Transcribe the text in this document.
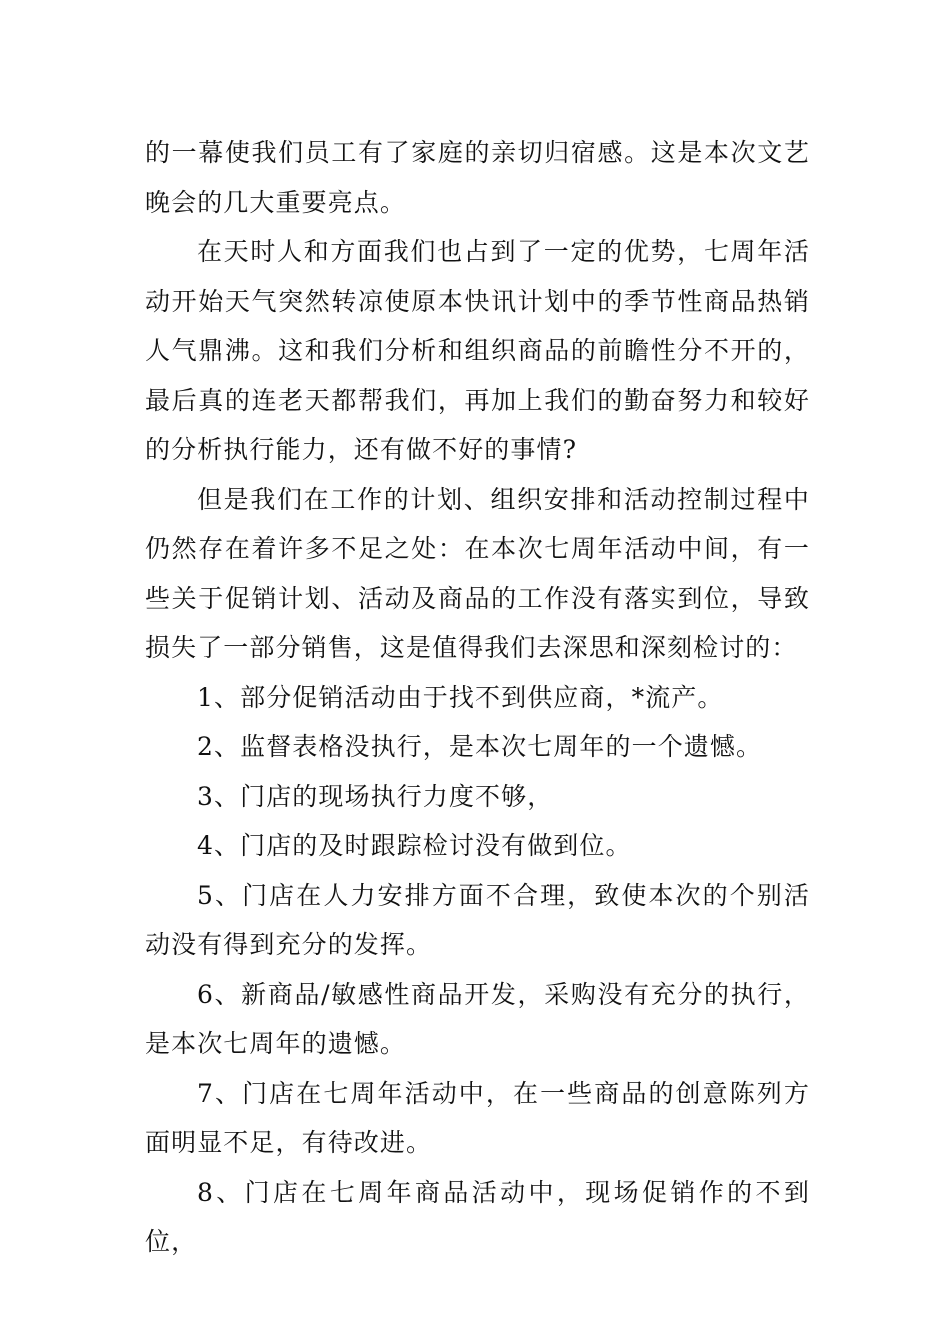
的一幕使我们员工有了家庭的亲切归宿感。这是本次文艺晚会的几大重要亮点。

在天时人和方面我们也占到了一定的优势，七周年活动开始天气突然转凉使原本快讯计划中的季节性商品热销人气鼎沸。这和我们分析和组织商品的前瞻性分不开的，最后真的连老天都帮我们，再加上我们的勤奋努力和较好的分析执行能力，还有做不好的事情?

但是我们在工作的计划、组织安排和活动控制过程中仍然存在着许多不足之处：在本次七周年活动中间，有一些关于促销计划、活动及商品的工作没有落实到位，导致损失了一部分销售，这是值得我们去深思和深刻检讨的：

1、部分促销活动由于找不到供应商，*流产。

2、监督表格没执行，是本次七周年的一个遗憾。

3、门店的现场执行力度不够，

4、门店的及时跟踪检讨没有做到位。

5、门店在人力安排方面不合理，致使本次的个别活动没有得到充分的发挥。

6、新商品/敏感性商品开发，采购没有充分的执行，是本次七周年的遗憾。

7、门店在七周年活动中，在一些商品的创意陈列方面明显不足，有待改进。

8、门店在七周年商品活动中，现场促销作的不到位，
